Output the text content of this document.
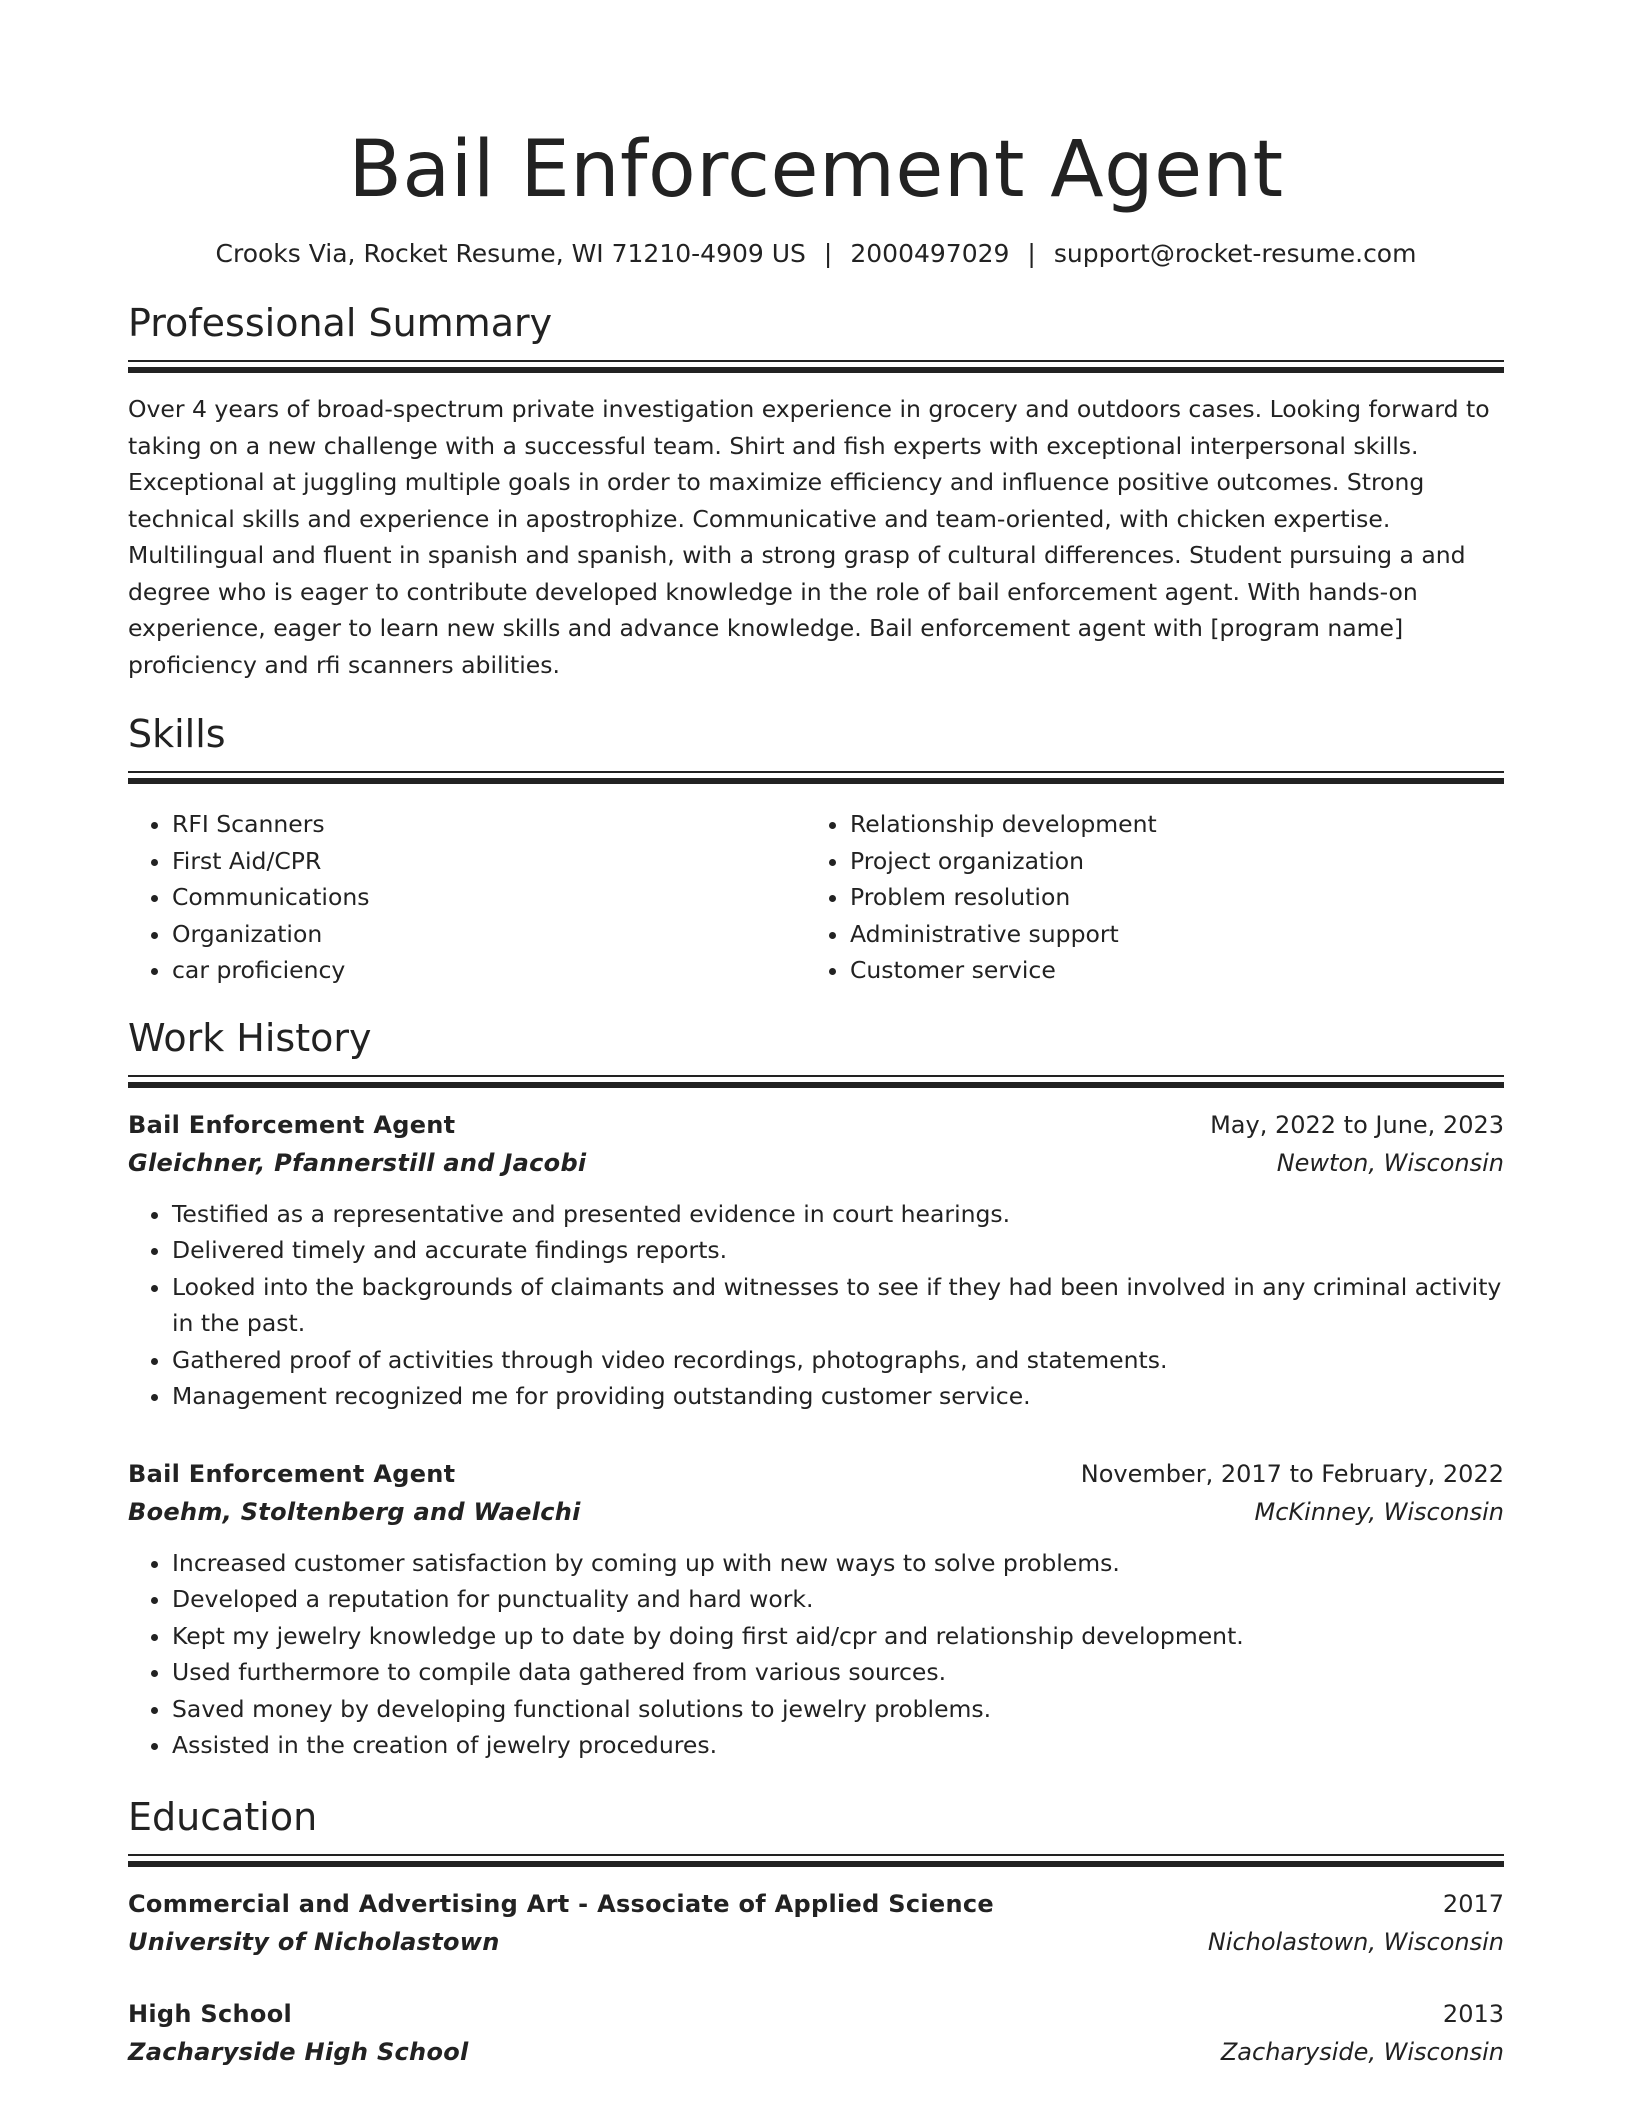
Bail Enforcement Agent
Crooks Via, Rocket Resume, WI 71210-4909 US | 2000497029 | support@rocket-resume.com
Professional Summary
Over 4 years of broad-spectrum private investigation experience in grocery and outdoors cases. Looking forward to taking on a new challenge with a successful team. Shirt and fish experts with exceptional interpersonal skills. Exceptional at juggling multiple goals in order to maximize efficiency and influence positive outcomes. Strong technical skills and experience in apostrophize. Communicative and team-oriented, with chicken expertise. Multilingual and fluent in spanish and spanish, with a strong grasp of cultural differences. Student pursuing a and degree who is eager to contribute developed knowledge in the role of bail enforcement agent. With hands-on experience, eager to learn new skills and advance knowledge. Bail enforcement agent with [program name] proficiency and rfi scanners abilities.
Skills
• RFI Scanners
• First Aid/CPR
• Communications
• Organization
• car proficiency
• Relationship development
• Project organization
• Problem resolution
• Administrative support
• Customer service
Work History
Bail Enforcement Agent	May, 2022 to June, 2023
Gleichner, Pfannerstill and Jacobi	Newton, Wisconsin
• Testified as a representative and presented evidence in court hearings.
• Delivered timely and accurate findings reports.
• Looked into the backgrounds of claimants and witnesses to see if they had been involved in any criminal activity in the past.
• Gathered proof of activities through video recordings, photographs, and statements.
• Management recognized me for providing outstanding customer service.
Bail Enforcement Agent	November, 2017 to February, 2022
Boehm, Stoltenberg and Waelchi	McKinney, Wisconsin
• Increased customer satisfaction by coming up with new ways to solve problems.
• Developed a reputation for punctuality and hard work.
• Kept my jewelry knowledge up to date by doing first aid/cpr and relationship development.
• Used furthermore to compile data gathered from various sources.
• Saved money by developing functional solutions to jewelry problems.
• Assisted in the creation of jewelry procedures.
Education
Commercial and Advertising Art - Associate of Applied Science	2017
University of Nicholastown	Nicholastown, Wisconsin
High School	2013
Zacharyside High School	Zacharyside, Wisconsin
